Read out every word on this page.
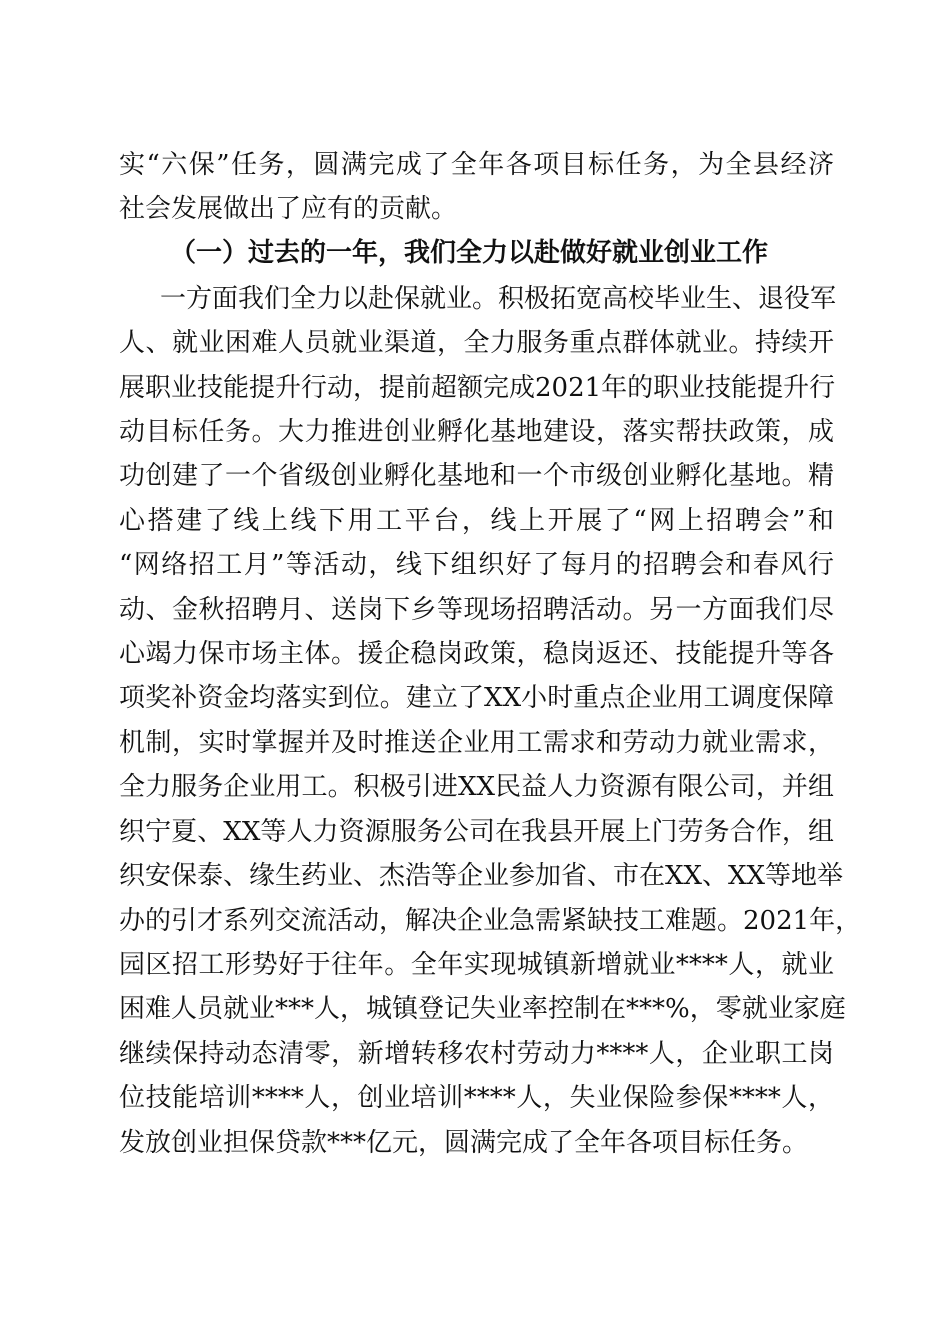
实“六保”任务，圆满完成了全年各项目标任务，为全县经济
社会发展做出了应有的贡献。
（一）过去的一年，我们全力以赴做好就业创业工作
一方面我们全力以赴保就业。积极拓宽高校毕业生、退役军
人、就业困难人员就业渠道，全力服务重点群体就业。持续开
展职业技能提升行动，提前超额完成2021年的职业技能提升行
动目标任务。大力推进创业孵化基地建设，落实帮扶政策，成
功创建了一个省级创业孵化基地和一个市级创业孵化基地。精
心搭建了线上线下用工平台，线上开展了“网上招聘会”和
“网络招工月”等活动，线下组织好了每月的招聘会和春风行
动、金秋招聘月、送岗下乡等现场招聘活动。另一方面我们尽
心竭力保市场主体。援企稳岗政策，稳岗返还、技能提升等各
项奖补资金均落实到位。建立了XX小时重点企业用工调度保障
机制，实时掌握并及时推送企业用工需求和劳动力就业需求，
全力服务企业用工。积极引进XX民益人力资源有限公司，并组
织宁夏、XX等人力资源服务公司在我县开展上门劳务合作，组
织安保泰、缘生药业、杰浩等企业参加省、市在XX、XX等地举
办的引才系列交流活动，解决企业急需紧缺技工难题。2021年，
园区招工形势好于往年。全年实现城镇新增就业****人，就业
困难人员就业***人，城镇登记失业率控制在***%，零就业家庭
继续保持动态清零，新增转移农村劳动力****人，企业职工岗
位技能培训****人，创业培训****人，失业保险参保****人，
发放创业担保贷款***亿元，圆满完成了全年各项目标任务。
